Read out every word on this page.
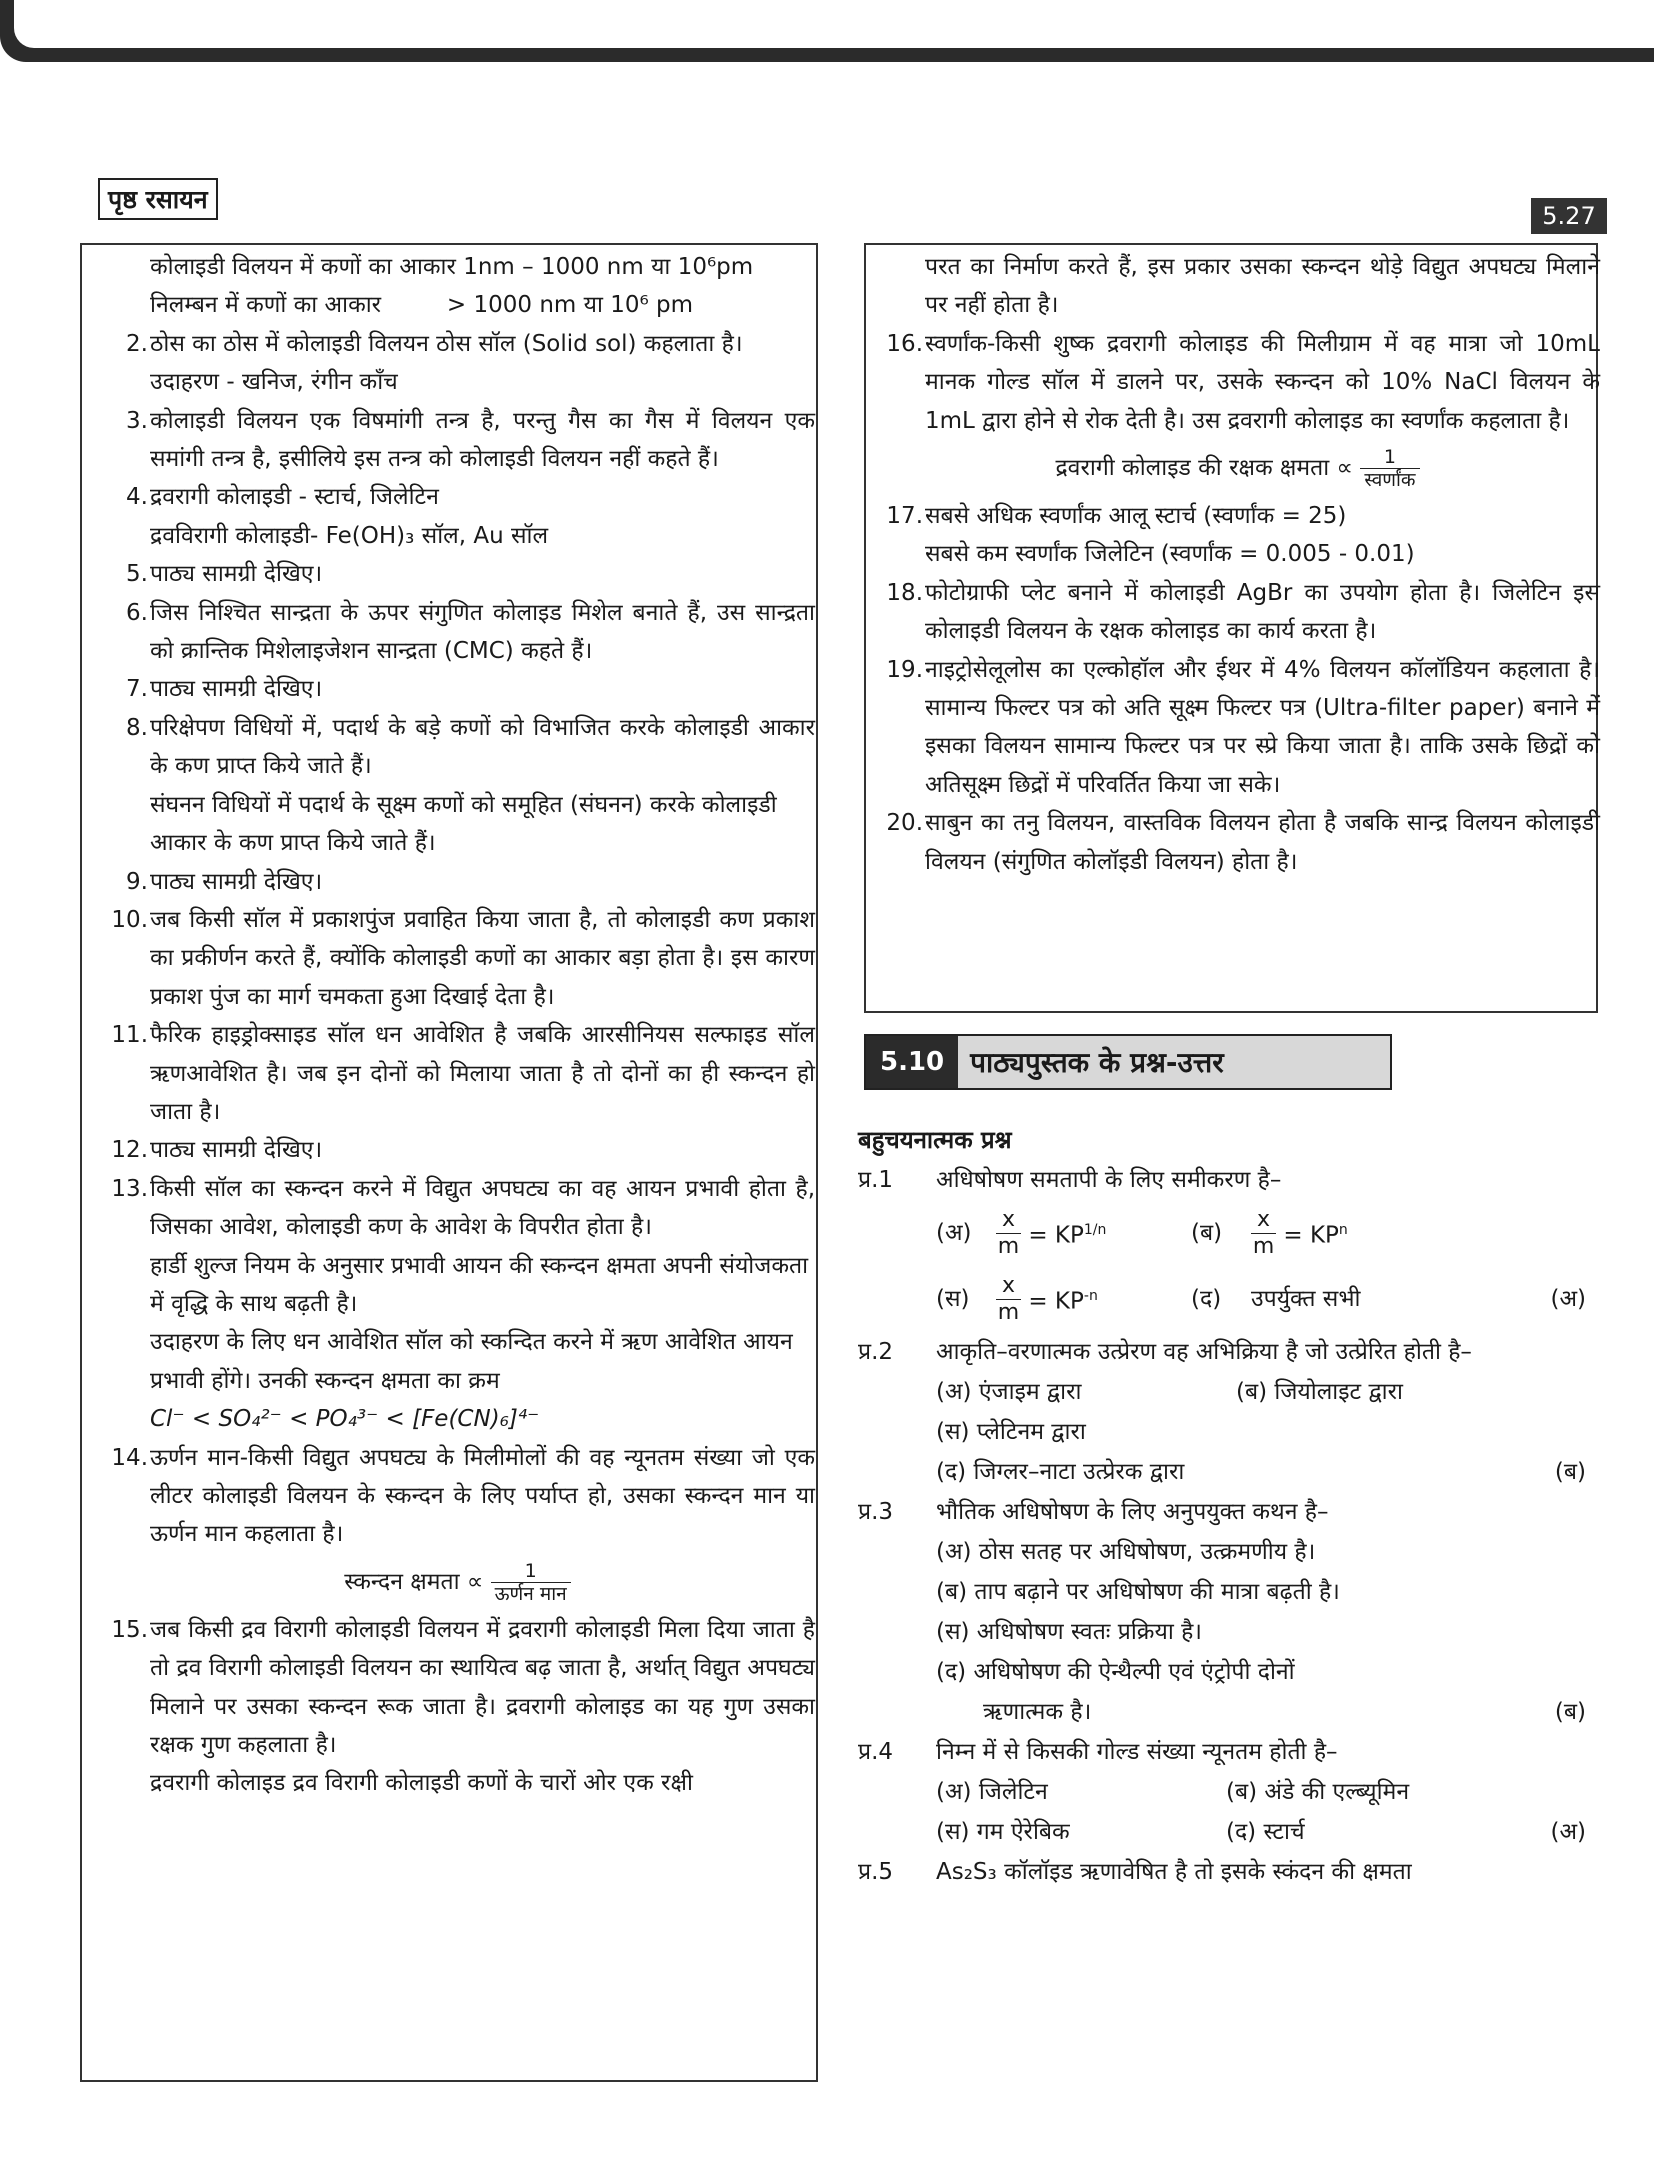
पृष्ठ रसायन
5.27
कोलाइडी विलयन में कणों का आकार 1nm – 1000 nm या 10⁶pm
निलम्बन में कणों का आकार	> 1000 nm या 10⁶ pm
2. ठोस का ठोस में कोलाइडी विलयन ठोस सॉल (Solid sol) कहलाता है।
उदाहरण - खनिज, रंगीन काँच
3. कोलाइडी विलयन एक विषमांगी तन्त्र है, परन्तु गैस का गैस में विलयन एक समांगी तन्त्र है, इसीलिये इस तन्त्र को कोलाइडी विलयन नहीं कहते हैं।
4. द्रवरागी कोलाइडी - स्टार्च, जिलेटिन
द्रवविरागी कोलाइडी- Fe(OH)₃ सॉल, Au सॉल
5. पाठ्य सामग्री देखिए।
6. जिस निश्चित सान्द्रता के ऊपर संगुणित कोलाइड मिशेल बनाते हैं, उस सान्द्रता को क्रान्तिक मिशेलाइजेशन सान्द्रता (CMC) कहते हैं।
7. पाठ्य सामग्री देखिए।
8. परिक्षेपण विधियों में, पदार्थ के बड़े कणों को विभाजित करके कोलाइडी आकार के कण प्राप्त किये जाते हैं।
संघनन विधियों में पदार्थ के सूक्ष्म कणों को समूहित (संघनन) करके कोलाइडी आकार के कण प्राप्त किये जाते हैं।
9. पाठ्य सामग्री देखिए।
10. जब किसी सॉल में प्रकाशपुंज प्रवाहित किया जाता है, तो कोलाइडी कण प्रकाश का प्रकीर्णन करते हैं, क्योंकि कोलाइडी कणों का आकार बड़ा होता है। इस कारण प्रकाश पुंज का मार्ग चमकता हुआ दिखाई देता है।
11. फैरिक हाइड्रोक्साइड सॉल धन आवेशित है जबकि आरसीनियस सल्फाइड सॉल ऋणआवेशित है। जब इन दोनों को मिलाया जाता है तो दोनों का ही स्कन्दन हो जाता है।
12. पाठ्य सामग्री देखिए।
13. किसी सॉल का स्कन्दन करने में विद्युत अपघट्य का वह आयन प्रभावी होता है, जिसका आवेश, कोलाइडी कण के आवेश के विपरीत होता है।
हार्डी शुल्ज नियम के अनुसार प्रभावी आयन की स्कन्दन क्षमता अपनी संयोजकता में वृद्धि के साथ बढ़ती है।
उदाहरण के लिए धन आवेशित सॉल को स्कन्दित करने में ऋण आवेशित आयन प्रभावी होंगे। उनकी स्कन्दन क्षमता का क्रम
Cl⁻ < SO₄²⁻ < PO₄³⁻ < [Fe(CN)₆]⁴⁻
14. ऊर्णन मान-किसी विद्युत अपघट्य के मिलीमोलों की वह न्यूनतम संख्या जो एक लीटर कोलाइडी विलयन के स्कन्दन के लिए पर्याप्त हो, उसका स्कन्दन मान या ऊर्णन मान कहलाता है।
स्कन्दन क्षमता ∝ $\frac{1}{\text{ऊर्णन मान}}$
15. जब किसी द्रव विरागी कोलाइडी विलयन में द्रवरागी कोलाइडी मिला दिया जाता है तो द्रव विरागी कोलाइडी विलयन का स्थायित्व बढ़ जाता है, अर्थात् विद्युत अपघट्य मिलाने पर उसका स्कन्दन रूक जाता है। द्रवरागी कोलाइड का यह गुण उसका रक्षक गुण कहलाता है।
द्रवरागी कोलाइड द्रव विरागी कोलाइडी कणों के चारों ओर एक रक्षी
परत का निर्माण करते हैं, इस प्रकार उसका स्कन्दन थोड़े विद्युत अपघट्य मिलाने पर नहीं होता है।
16. स्वर्णांक-किसी शुष्क द्रवरागी कोलाइड की मिलीग्राम में वह मात्रा जो 10mL मानक गोल्ड सॉल में डालने पर, उसके स्कन्दन को 10% NaCl विलयन के 1mL द्वारा होने से रोक देती है। उस द्रवरागी कोलाइड का स्वर्णांक कहलाता है।
द्रवरागी कोलाइड की रक्षक क्षमता ∝ $\frac{1}{\text{स्वर्णांक}}$
17. सबसे अधिक स्वर्णांक आलू स्टार्च (स्वर्णांक = 25)
सबसे कम स्वर्णांक जिलेटिन (स्वर्णांक = 0.005 - 0.01)
18. फोटोग्राफी प्लेट बनाने में कोलाइडी AgBr का उपयोग होता है। जिलेटिन इस कोलाइडी विलयन के रक्षक कोलाइड का कार्य करता है।
19. नाइट्रोसेलूलोस का एल्कोहॉल और ईथर में 4% विलयन कॉलॉडियन कहलाता है। सामान्य फिल्टर पत्र को अति सूक्ष्म फिल्टर पत्र (Ultra-filter paper) बनाने में इसका विलयन सामान्य फिल्टर पत्र पर स्प्रे किया जाता है। ताकि उसके छिद्रों को अतिसूक्ष्म छिद्रों में परिवर्तित किया जा सके।
20. साबुन का तनु विलयन, वास्तविक विलयन होता है जबकि सान्द्र विलयन कोलाइडी विलयन (संगुणित कोलॉइडी विलयन) होता है।
5.10 पाठ्यपुस्तक के प्रश्न-उत्तर
बहुचयनात्मक प्रश्न
प्र.1 अधिषोषण समतापी के लिए समीकरण है–
(अ)	$\frac{x}{m} = KP^{1/n}$	(ब)	$\frac{x}{m} = KP^n$
(स)	$\frac{x}{m} = KP^{-n}$	(द)	उपर्युक्त सभी	(अ)
प्र.2 आकृति–वरणात्मक उत्प्रेरण वह अभिक्रिया है जो उत्प्रेरित होती है–
(अ) एंजाइम द्वारा	(ब) जियोलाइट द्वारा
(स) प्लेटिनम द्वारा
(द) जिग्लर–नाटा उत्प्रेरक द्वारा	(ब)
प्र.3 भौतिक अधिषोषण के लिए अनुपयुक्त कथन है–
(अ) ठोस सतह पर अधिषोषण, उत्क्रमणीय है।
(ब) ताप बढ़ाने पर अधिषोषण की मात्रा बढ़ती है।
(स) अधिषोषण स्वतः प्रक्रिया है।
(द) अधिषोषण की ऐन्थैल्पी एवं एंट्रोपी दोनों
ऋणात्मक है।	(ब)
प्र.4 निम्न में से किसकी गोल्ड संख्या न्यूनतम होती है–
(अ) जिलेटिन	(ब) अंडे की एल्ब्यूमिन
(स) गम ऐरेबिक	(द) स्टार्च	(अ)
प्र.5 As₂S₃ कॉलॉइड ऋणावेषित है तो इसके स्कंदन की क्षमता
